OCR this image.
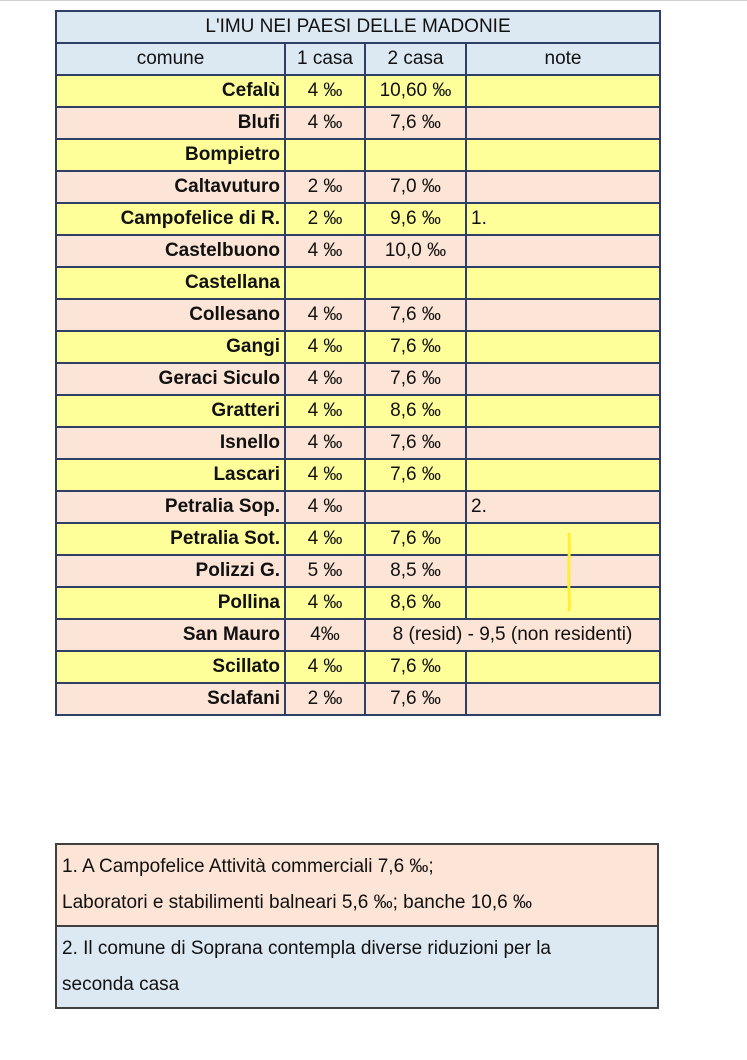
L'IMU NEI PAESI DELLE MADONIE			
comune	1 casa	2 casa	note
Cefalù	4 ‰	10,60 ‰	
Blufi	4 ‰	7,6 ‰	
Bompietro			
Caltavuturo	2 ‰	7,0 ‰	
Campofelice di R.	2 ‰	9,6 ‰	1.
Castelbuono	4 ‰	10,0 ‰	
Castellana			
Collesano	4 ‰	7,6 ‰	
Gangi	4 ‰	7,6 ‰	
Geraci Siculo	4 ‰	7,6 ‰	
Gratteri	4 ‰	8,6 ‰	
Isnello	4 ‰	7,6 ‰	
Lascari	4 ‰	7,6 ‰	
Petralia Sop.	4 ‰		2.
Petralia Sot.	4 ‰	7,6 ‰	
Polizzi G.	5 ‰	8,5 ‰	
Pollina	4 ‰	8,6 ‰	
San Mauro	4‰	8 (resid) - 9,5 (non residenti)	
Scillato	4 ‰	7,6 ‰	
Sclafani	2 ‰	7,6 ‰	
1. A Campofelice Attività commerciali 7,6 ‰;
Laboratori e stabilimenti balneari 5,6 ‰; banche 10,6 ‰

2. Il comune di Soprana contempla diverse riduzioni per la
seconda casa
